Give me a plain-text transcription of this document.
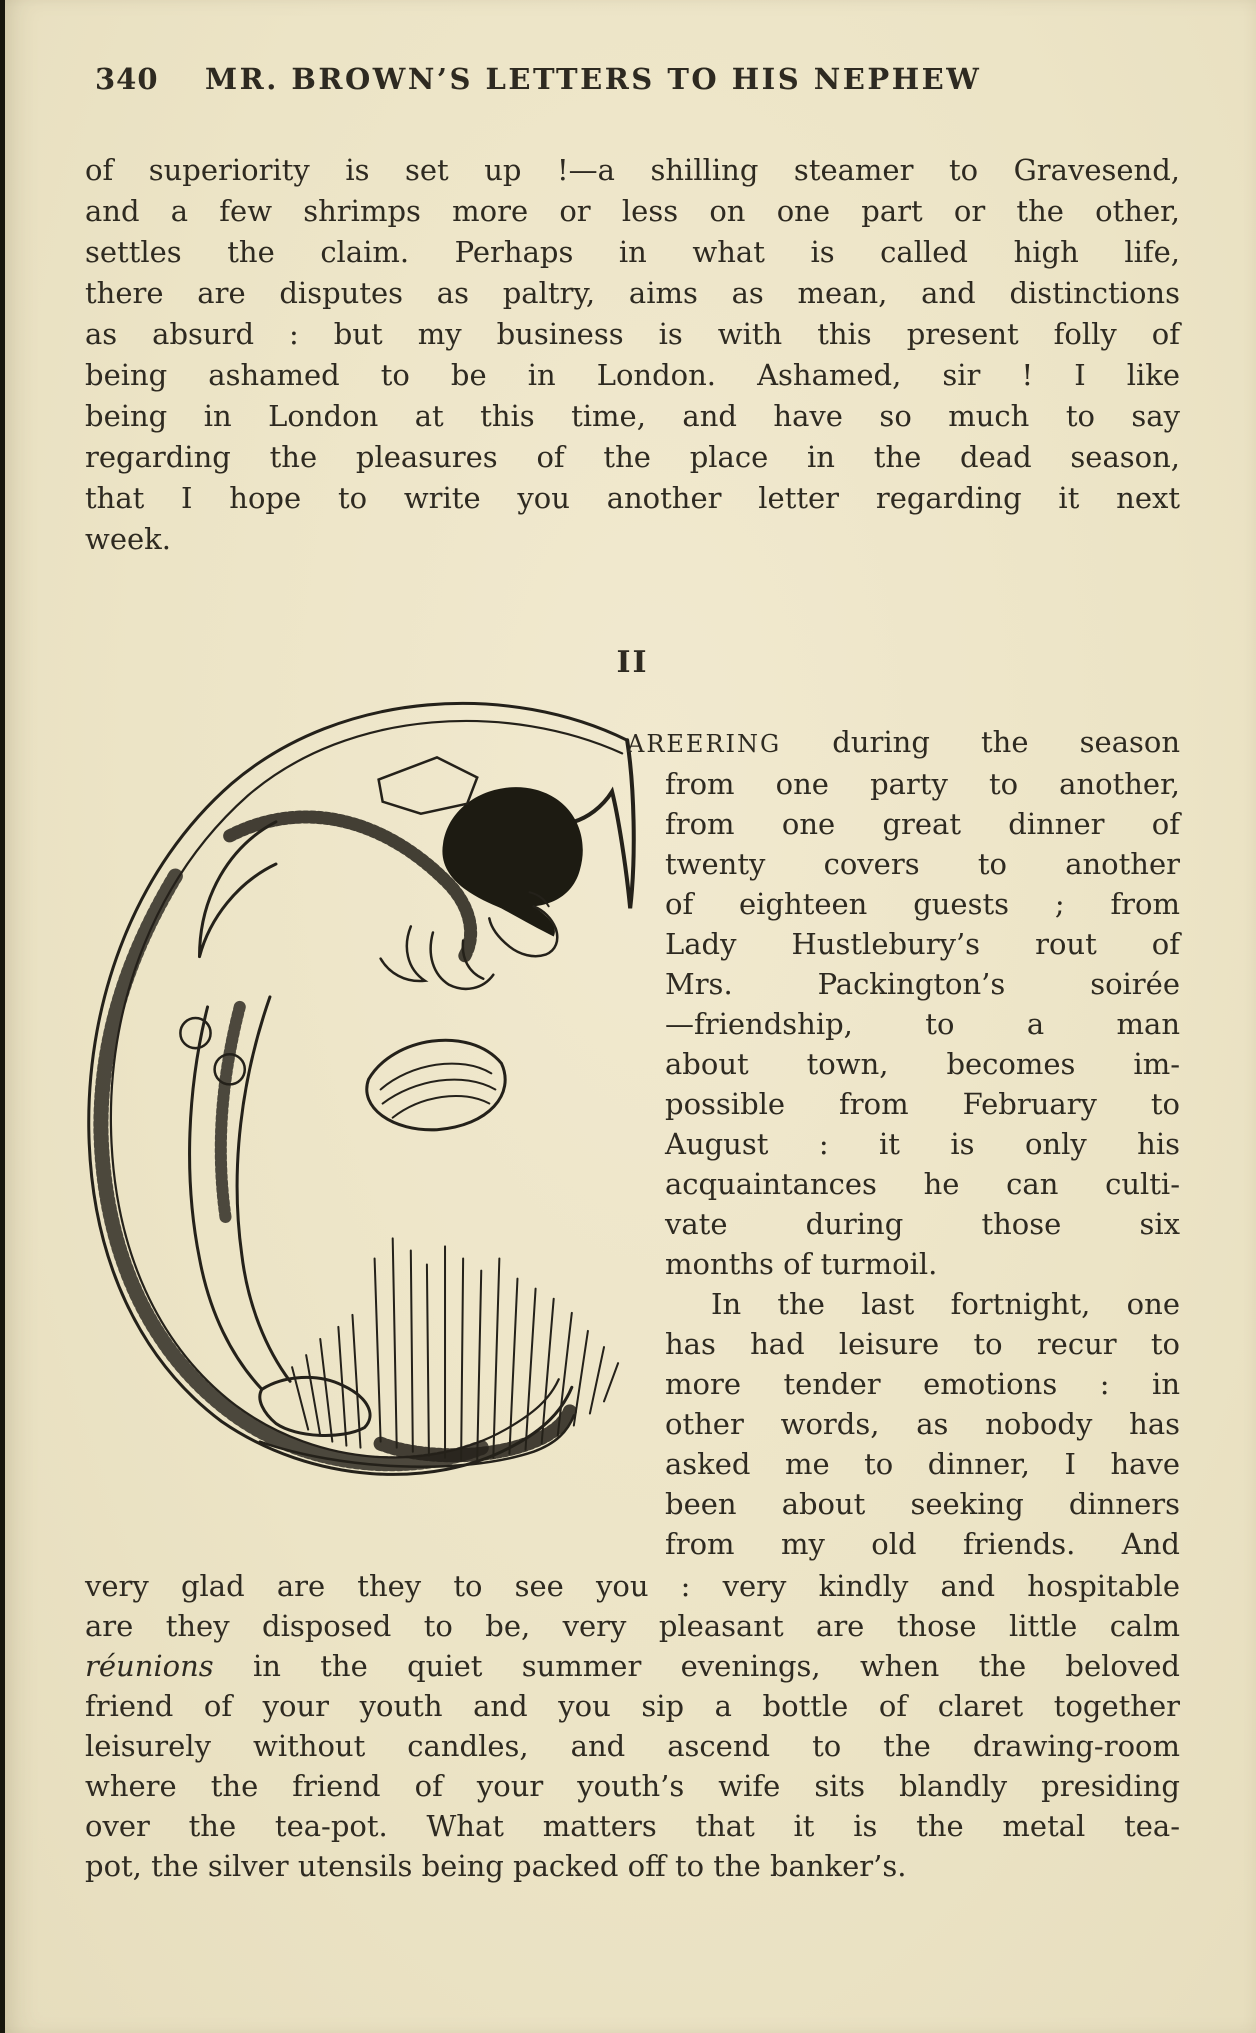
340 MR. BROWN’S LETTERS TO HIS NEPHEW
of superiority is set up !—a shilling steamer to Gravesend,
and a few shrimps more or less on one part or the other,
settles the claim. Perhaps in what is called high life,
there are disputes as paltry, aims as mean, and distinctions
as absurd : but my business is with this present folly of
being ashamed to be in London. Ashamed, sir ! I like
being in London at this time, and have so much to say
regarding the pleasures of the place in the dead season,
that I hope to write you another letter regarding it next
week.
II
AREERING during the season
from one party to another,
from one great dinner of
twenty covers to another
of eighteen guests ; from
Lady Hustlebury’s rout of
Mrs. Packington’s soirée
—friendship, to a man
about town, becomes im-
possible from February to
August : it is only his
acquaintances he can culti-
vate during those six
months of turmoil.
In the last fortnight, one
has had leisure to recur to
more tender emotions : in
other words, as nobody has
asked me to dinner, I have
been about seeking dinners
from my old friends. And
very glad are they to see you : very kindly and hospitable
are they disposed to be, very pleasant are those little calm
réunions in the quiet summer evenings, when the beloved
friend of your youth and you sip a bottle of claret together
leisurely without candles, and ascend to the drawing-room
where the friend of your youth’s wife sits blandly presiding
over the tea-pot. What matters that it is the metal tea-
pot, the silver utensils being packed off to the banker’s.
